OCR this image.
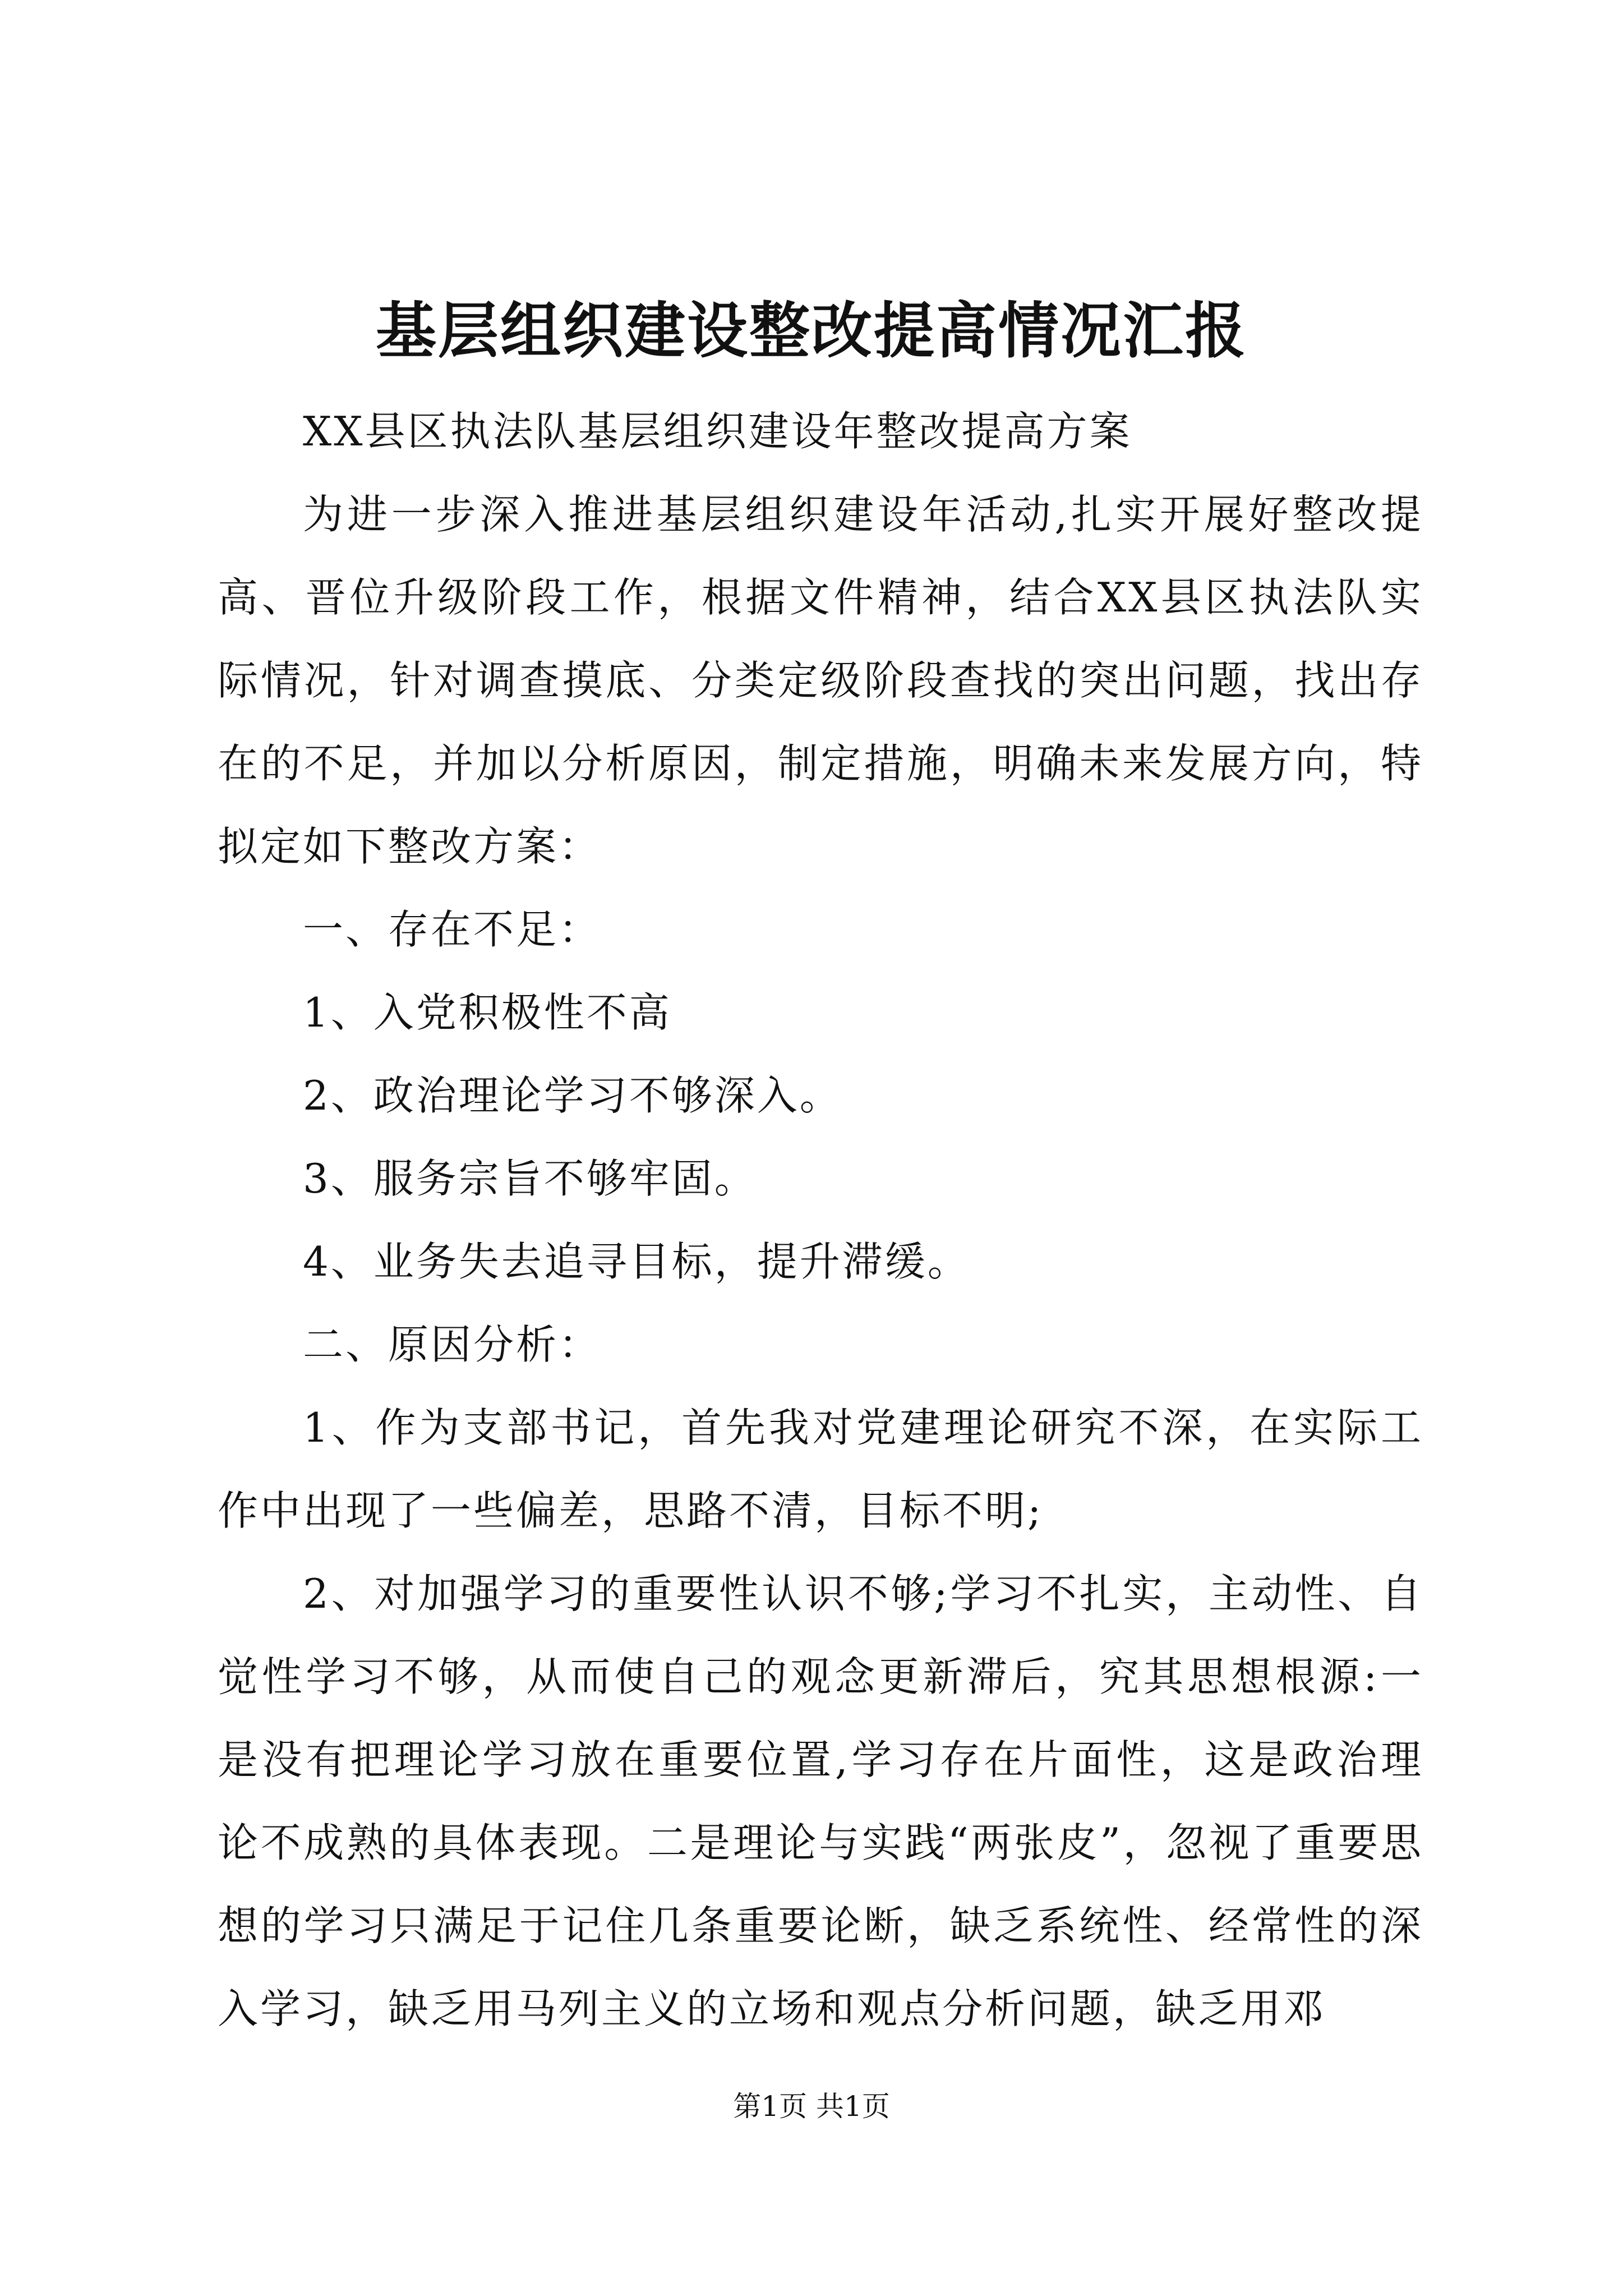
基层组织建设整改提高情况汇报

XX县区执法队基层组织建设年整改提高方案

为进一步深入推进基层组织建设年活动,扎实开展好整改提高、晋位升级阶段工作，根据文件精神，结合XX县区执法队实际情况，针对调查摸底、分类定级阶段查找的突出问题，找出存在的不足，并加以分析原因，制定措施，明确未来发展方向，特拟定如下整改方案：

一、存在不足：

1、入党积极性不高

2、政治理论学习不够深入。

3、服务宗旨不够牢固。

4、业务失去追寻目标，提升滞缓。

二、原因分析：

1、作为支部书记，首先我对党建理论研究不深，在实际工作中出现了一些偏差，思路不清，目标不明;

2、对加强学习的重要性认识不够;学习不扎实，主动性、自觉性学习不够，从而使自己的观念更新滞后，究其思想根源:一是没有把理论学习放在重要位置,学习存在片面性，这是政治理论不成熟的具体表现。二是理论与实践“两张皮”，忽视了重要思想的学习只满足于记住几条重要论断，缺乏系统性、经常性的深入学习，缺乏用马列主义的立场和观点分析问题，缺乏用邓

第1页 共1页
